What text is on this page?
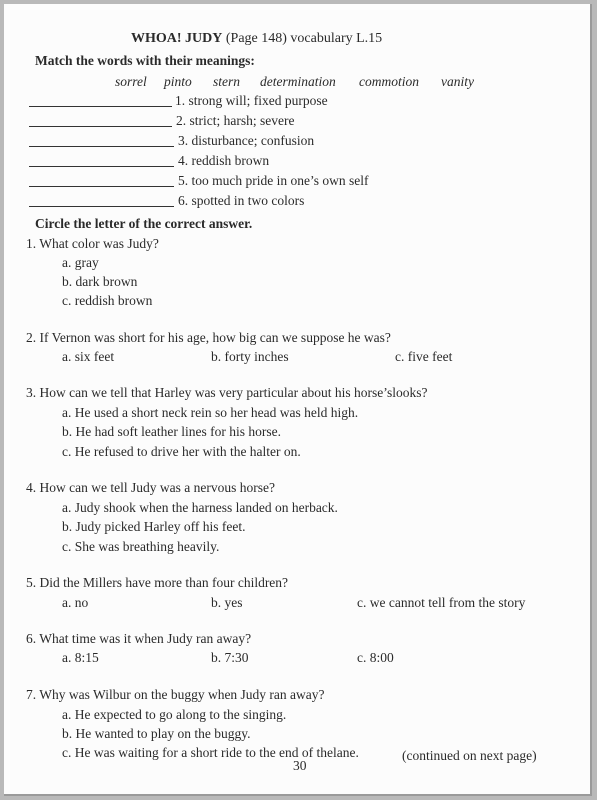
WHOA! JUDY (Page 148) vocabulary L.15
Match the words with their meanings:
sorrel pinto stern determination commotion vanity
1. strong will; fixed purpose
2. strict; harsh; severe
3. disturbance; confusion
4. reddish brown
5. too much pride in one’s own self
6. spotted in two colors
Circle the letter of the correct answer.
1. What color was Judy?
a. gray
b. dark brown
c. reddish brown
2. If Vernon was short for his age, how big can we suppose he was?
a. six feet	b. forty inches	c. five feet
3. How can we tell that Harley was very particular about his horse’slooks?
a. He used a short neck rein so her head was held high.
b. He had soft leather lines for his horse.
c. He refused to drive her with the halter on.
4. How can we tell Judy was a nervous horse?
a. Judy shook when the harness landed on herback.
b. Judy picked Harley off his feet.
c. She was breathing heavily.
5. Did the Millers have more than four children?
a. no	b. yes	c. we cannot tell from the story
6. What time was it when Judy ran away?
a. 8:15	b. 7:30	c. 8:00
7. Why was Wilbur on the buggy when Judy ran away?
a. He expected to go along to the singing.
b. He wanted to play on the buggy.
c. He was waiting for a short ride to the end of thelane.	(continued on next page)
30
